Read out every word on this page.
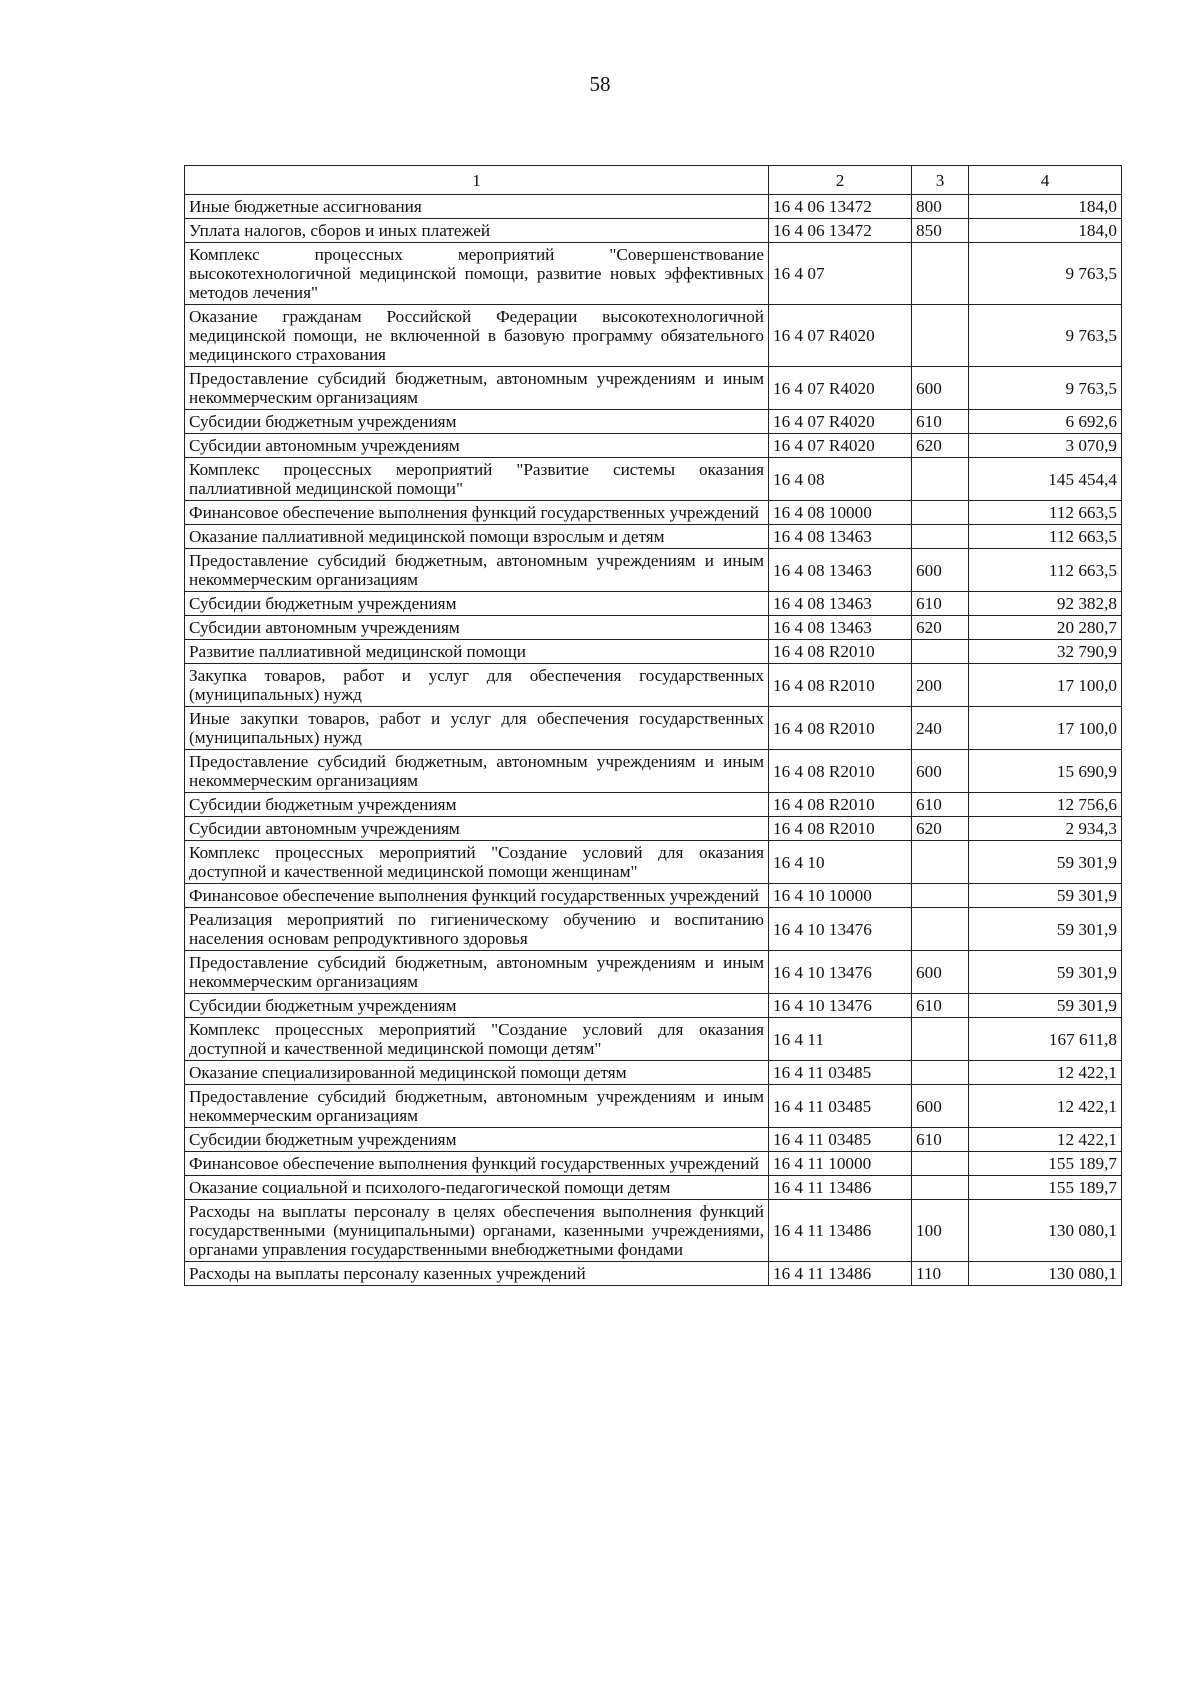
58
1	2	3	4
Иные бюджетные ассигнования	16 4 06 13472	800	184,0
Уплата налогов, сборов и иных платежей	16 4 06 13472	850	184,0
Комплекс процессных мероприятий "Совершенствование высокотехнологичной медицинской помощи, развитие новых эффективных методов лечения"	16 4 07		9 763,5
Оказание гражданам Российской Федерации высокотехнологичной медицинской помощи, не включенной в базовую программу обязательного медицинского страхования	16 4 07 R4020		9 763,5
Предоставление субсидий бюджетным, автономным учреждениям и иным некоммерческим организациям	16 4 07 R4020	600	9 763,5
Субсидии бюджетным учреждениям	16 4 07 R4020	610	6 692,6
Субсидии автономным учреждениям	16 4 07 R4020	620	3 070,9
Комплекс процессных мероприятий "Развитие системы оказания паллиативной медицинской помощи"	16 4 08		145 454,4
Финансовое обеспечение выполнения функций государственных учреждений	16 4 08 10000		112 663,5
Оказание паллиативной медицинской помощи взрослым и детям	16 4 08 13463		112 663,5
Предоставление субсидий бюджетным, автономным учреждениям и иным некоммерческим организациям	16 4 08 13463	600	112 663,5
Субсидии бюджетным учреждениям	16 4 08 13463	610	92 382,8
Субсидии автономным учреждениям	16 4 08 13463	620	20 280,7
Развитие паллиативной медицинской помощи	16 4 08 R2010		32 790,9
Закупка товаров, работ и услуг для обеспечения государственных (муниципальных) нужд	16 4 08 R2010	200	17 100,0
Иные закупки товаров, работ и услуг для обеспечения государственных (муниципальных) нужд	16 4 08 R2010	240	17 100,0
Предоставление субсидий бюджетным, автономным учреждениям и иным некоммерческим организациям	16 4 08 R2010	600	15 690,9
Субсидии бюджетным учреждениям	16 4 08 R2010	610	12 756,6
Субсидии автономным учреждениям	16 4 08 R2010	620	2 934,3
Комплекс процессных мероприятий "Создание условий для оказания доступной и качественной медицинской помощи женщинам"	16 4 10		59 301,9
Финансовое обеспечение выполнения функций государственных учреждений	16 4 10 10000		59 301,9
Реализация мероприятий по гигиеническому обучению и воспитанию населения основам репродуктивного здоровья	16 4 10 13476		59 301,9
Предоставление субсидий бюджетным, автономным учреждениям и иным некоммерческим организациям	16 4 10 13476	600	59 301,9
Субсидии бюджетным учреждениям	16 4 10 13476	610	59 301,9
Комплекс процессных мероприятий "Создание условий для оказания доступной и качественной медицинской помощи детям"	16 4 11		167 611,8
Оказание специализированной медицинской помощи детям	16 4 11 03485		12 422,1
Предоставление субсидий бюджетным, автономным учреждениям и иным некоммерческим организациям	16 4 11 03485	600	12 422,1
Субсидии бюджетным учреждениям	16 4 11 03485	610	12 422,1
Финансовое обеспечение выполнения функций государственных учреждений	16 4 11 10000		155 189,7
Оказание социальной и психолого-педагогической помощи детям	16 4 11 13486		155 189,7
Расходы на выплаты персоналу в целях обеспечения выполнения функций государственными (муниципальными) органами, казенными учреждениями, органами управления государственными внебюджетными фондами	16 4 11 13486	100	130 080,1
Расходы на выплаты персоналу казенных учреждений	16 4 11 13486	110	130 080,1
